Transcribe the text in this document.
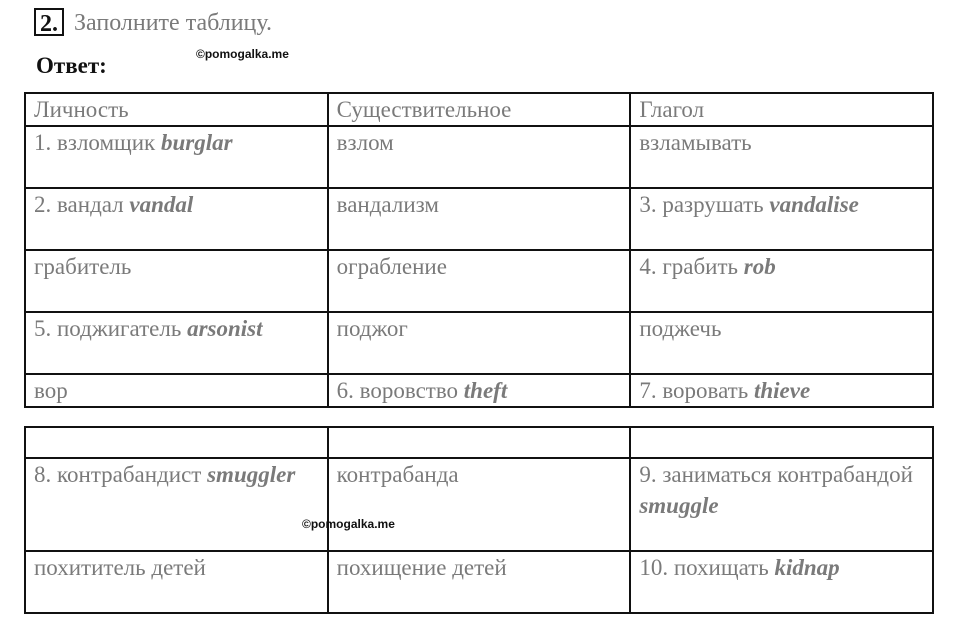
2. Заполните таблицу.
Ответ:	©pomogalka.me
Личность	Существительное	Глагол
1. взломщик burglar	взлом	взламывать
2. вандал vandal	вандализм	3. разрушать vandalise
грабитель	ограбление	4. грабить rob
5. поджигатель arsonist	поджог	поджечь
вор	6. воровство theft	7. воровать thieve

8. контрабандист smuggler	контрабанда	9. заниматься контрабандой smuggle
похититель детей	похищение детей	10. похищать kidnap
©pomogalka.me
